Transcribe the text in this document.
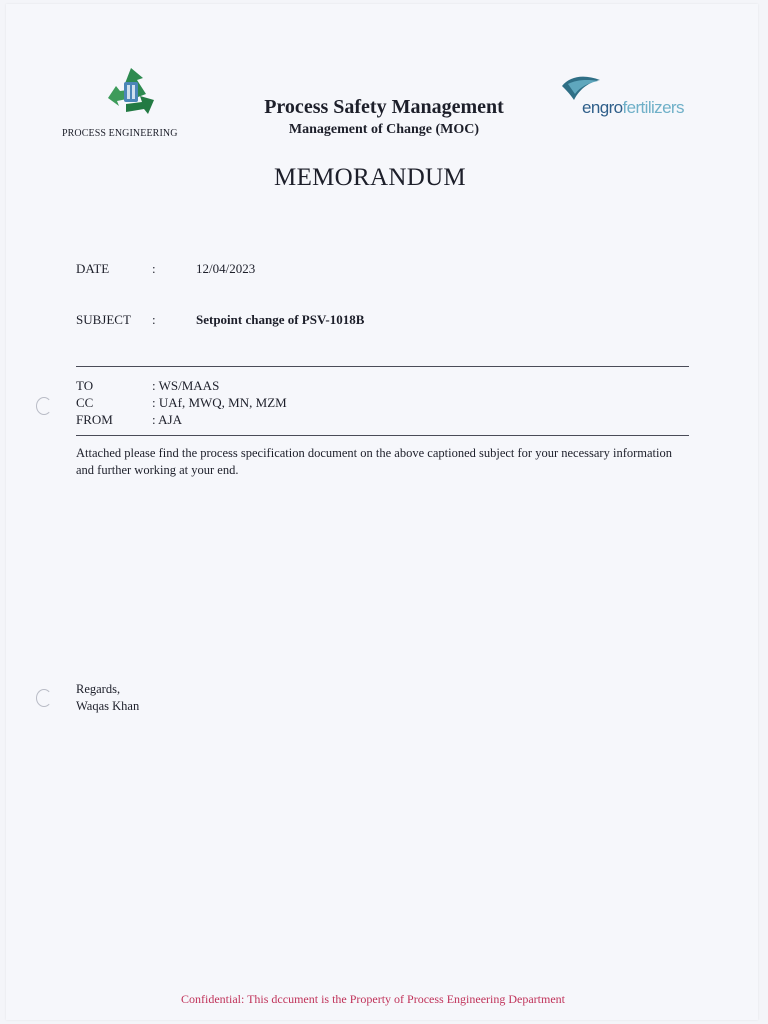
PROCESS ENGINEERING
Process Safety Management
Management of Change (MOC)
engrofertilizers
MEMORANDUM
DATE	:	12/04/2023
SUBJECT :	Setpoint change of PSV-1018B
TO	: WS/MAAS
CC	: UAf, MWQ, MN, MZM
FROM	: AJA
Attached please find the process specification document on the above captioned subject for your necessary information and further working at your end.
Regards,
Waqas Khan
Confidential: This dccument is the Property of Process Engineering Department
